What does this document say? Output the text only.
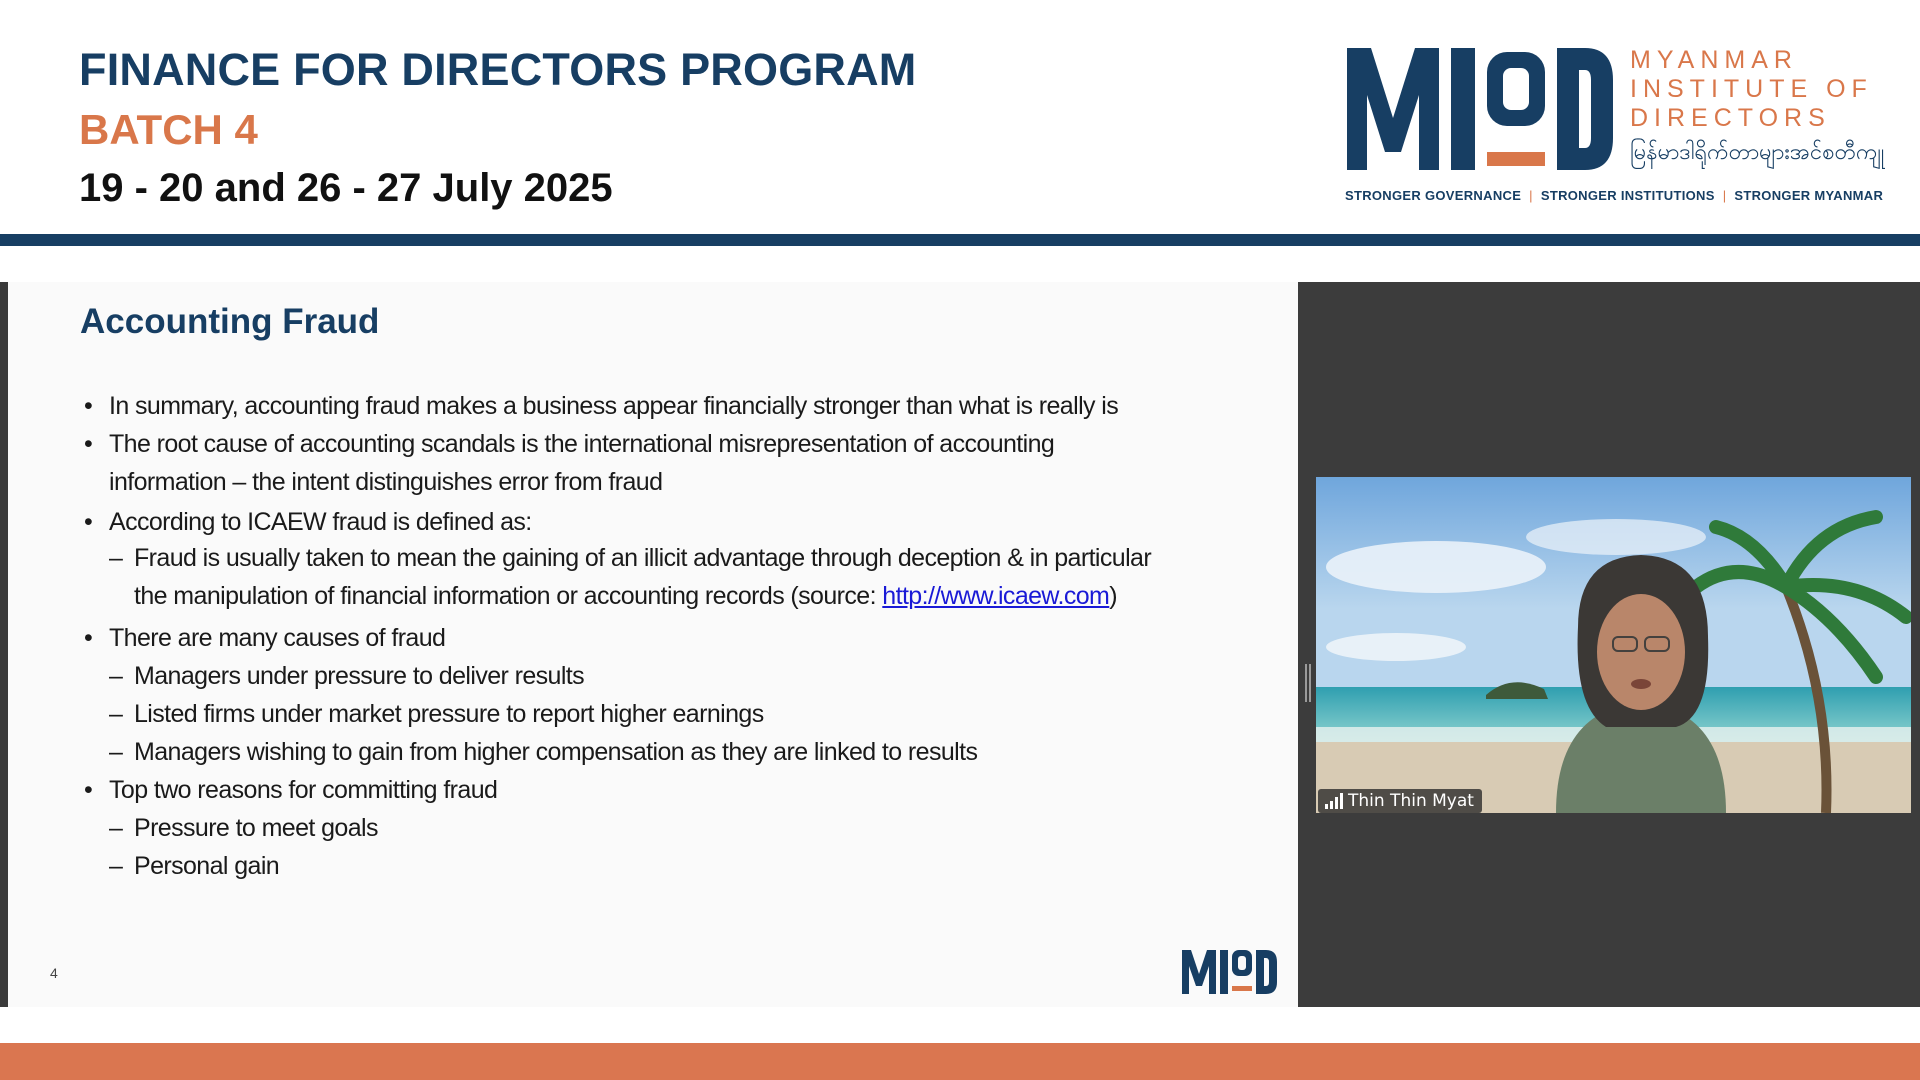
FINANCE FOR DIRECTORS PROGRAM
BATCH 4
19 - 20 and 26 - 27 July 2025
MYANMAR
INSTITUTE OF
DIRECTORS
မြန်မာဒါရိုက်တာများအင်စတီကျု
STRONGER GOVERNANCE | STRONGER INSTITUTIONS | STRONGER MYANMAR
Accounting Fraud
• In summary, accounting fraud makes a business appear financially stronger than what is really is
• The root cause of accounting scandals is the international misrepresentation of accounting
information – the intent distinguishes error from fraud
• According to ICAEW fraud is defined as:
– Fraud is usually taken to mean the gaining of an illicit advantage through deception & in particular
the manipulation of financial information or accounting records (source: http://www.icaew.com)
• There are many causes of fraud
– Managers under pressure to deliver results
– Listed firms under market pressure to report higher earnings
– Managers wishing to gain from higher compensation as they are linked to results
• Top two reasons for committing fraud
– Pressure to meet goals
– Personal gain
4
Thin Thin Myat
